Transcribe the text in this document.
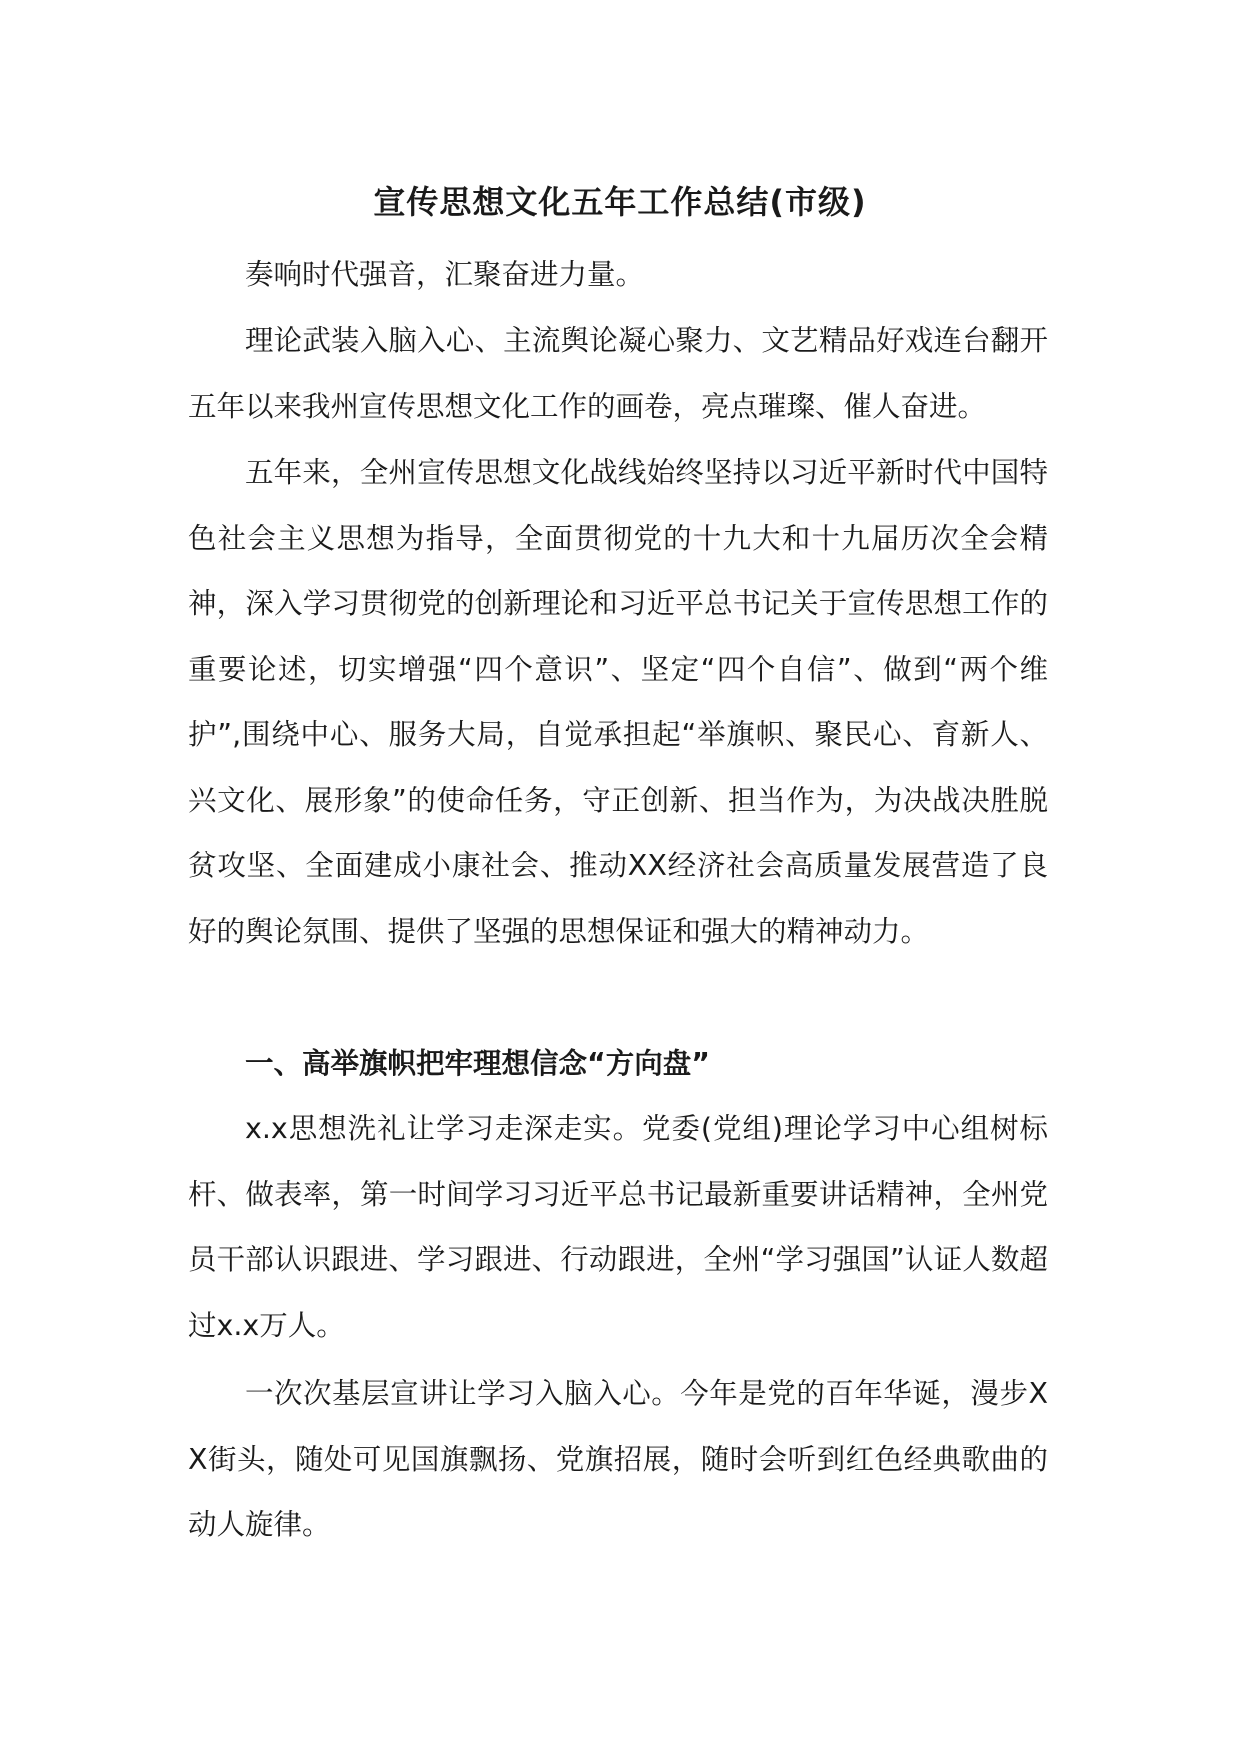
宣传思想文化五年工作总结(市级)

奏响时代强音，汇聚奋进力量。

理论武装入脑入心、主流舆论凝心聚力、文艺精品好戏连台翻开五年以来我州宣传思想文化工作的画卷，亮点璀璨、催人奋进。

五年来，全州宣传思想文化战线始终坚持以习近平新时代中国特色社会主义思想为指导，全面贯彻党的十九大和十九届历次全会精神，深入学习贯彻党的创新理论和习近平总书记关于宣传思想工作的重要论述，切实增强“四个意识”、坚定“四个自信”、做到“两个维护”,围绕中心、服务大局，自觉承担起“举旗帜、聚民心、育新人、兴文化、展形象”的使命任务，守正创新、担当作为，为决战决胜脱贫攻坚、全面建成小康社会、推动XX经济社会高质量发展营造了良好的舆论氛围、提供了坚强的思想保证和强大的精神动力。

一、高举旗帜把牢理想信念“方向盘”

x.x思想洗礼让学习走深走实。党委(党组)理论学习中心组树标杆、做表率，第一时间学习习近平总书记最新重要讲话精神，全州党员干部认识跟进、学习跟进、行动跟进，全州“学习强国”认证人数超过x.x万人。

一次次基层宣讲让学习入脑入心。今年是党的百年华诞，漫步XX街头，随处可见国旗飘扬、党旗招展，随时会听到红色经典歌曲的动人旋律。
